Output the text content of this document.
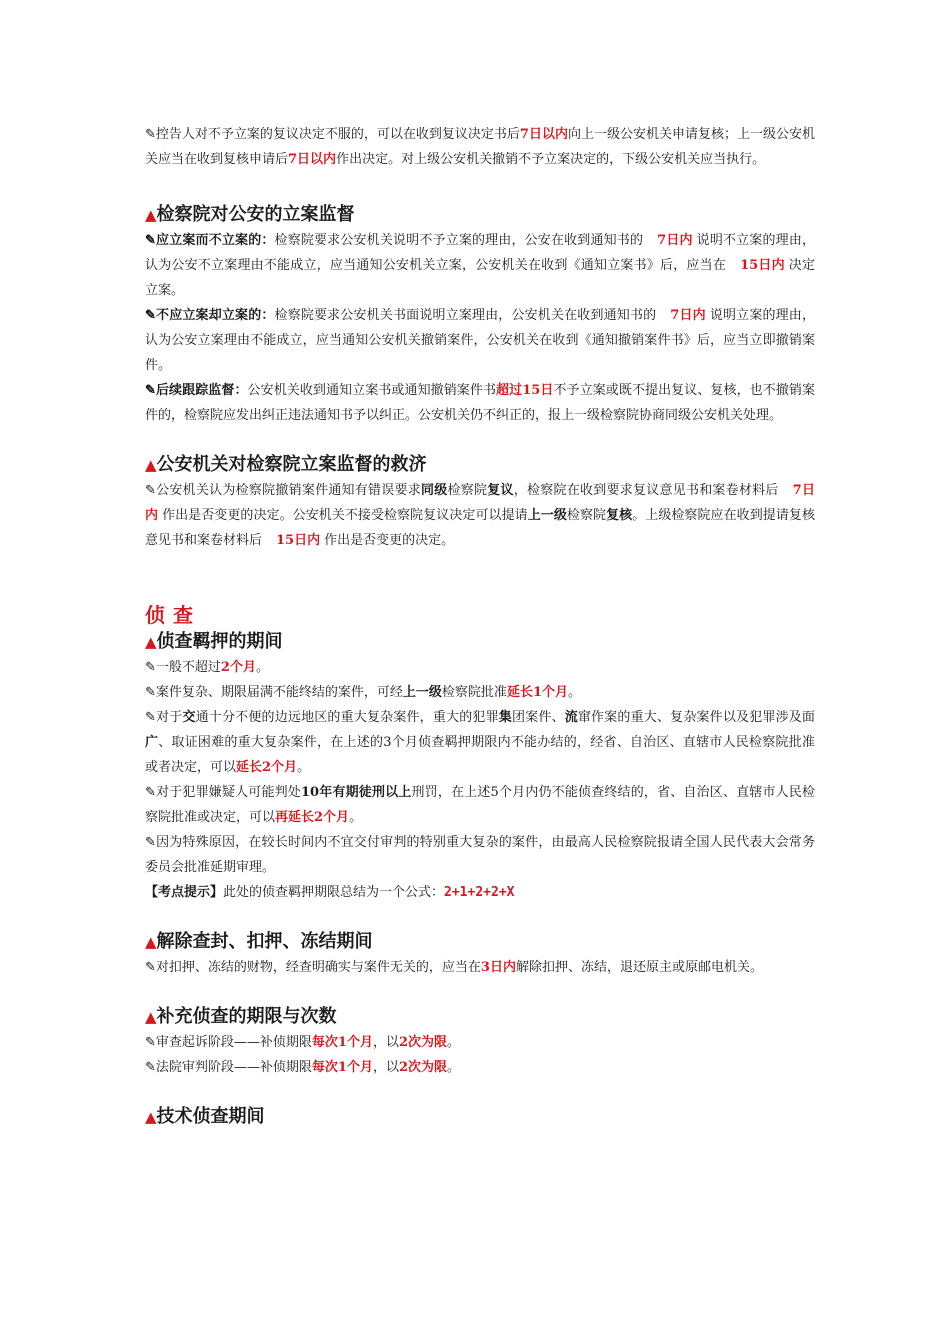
✎控告人对不予立案的复议决定不服的，可以在收到复议决定书后7日以内向上一级公安机关申请复核；上一级公安机关应当在收到复核申请后7日以内作出决定。对上级公安机关撤销不予立案决定的，下级公安机关应当执行。

▲检察院对公安的立案监督

✎应立案而不立案的：检察院要求公安机关说明不予立案的理由，公安在收到通知书的 7日内 说明不立案的理由，认为公安不立案理由不能成立，应当通知公安机关立案，公安机关在收到《通知立案书》后，应当在 15日内 决定立案。

✎不应立案却立案的：检察院要求公安机关书面说明立案理由，公安机关在收到通知书的 7日内 说明立案的理由，认为公安立案理由不能成立，应当通知公安机关撤销案件，公安机关在收到《通知撤销案件书》后，应当立即撤销案件。

✎后续跟踪监督：公安机关收到通知立案书或通知撤销案件书超过15日不予立案或既不提出复议、复核，也不撤销案件的，检察院应发出纠正违法通知书予以纠正。公安机关仍不纠正的，报上一级检察院协商同级公安机关处理。

▲公安机关对检察院立案监督的救济

✎公安机关认为检察院撤销案件通知有错误要求同级检察院复议，检察院在收到要求复议意见书和案卷材料后 7日内 作出是否变更的决定。公安机关不接受检察院复议决定可以提请上一级检察院复核。上级检察院应在收到提请复核意见书和案卷材料后 15日内 作出是否变更的决定。

侦查

▲侦查羁押的期间

✎一般不超过2个月。

✎案件复杂、期限届满不能终结的案件，可经上一级检察院批准延长1个月。

✎对于交通十分不便的边远地区的重大复杂案件，重大的犯罪集团案件、流窜作案的重大、复杂案件以及犯罪涉及面广、取证困难的重大复杂案件，在上述的3个月侦查羁押期限内不能办结的，经省、自治区、直辖市人民检察院批准或者决定，可以延长2个月。

✎对于犯罪嫌疑人可能判处10年有期徒刑以上刑罚，在上述5个月内仍不能侦查终结的，省、自治区、直辖市人民检察院批准或决定，可以再延长2个月。

✎因为特殊原因，在较长时间内不宜交付审判的特别重大复杂的案件，由最高人民检察院报请全国人民代表大会常务委员会批准延期审理。

【考点提示】此处的侦查羁押期限总结为一个公式：2+1+2+2+X

▲解除查封、扣押、冻结期间

✎对扣押、冻结的财物，经查明确实与案件无关的，应当在3日内解除扣押、冻结，退还原主或原邮电机关。

▲补充侦查的期限与次数

✎审查起诉阶段——补侦期限每次1个月，以2次为限。

✎法院审判阶段——补侦期限每次1个月，以2次为限。

▲技术侦查期间
